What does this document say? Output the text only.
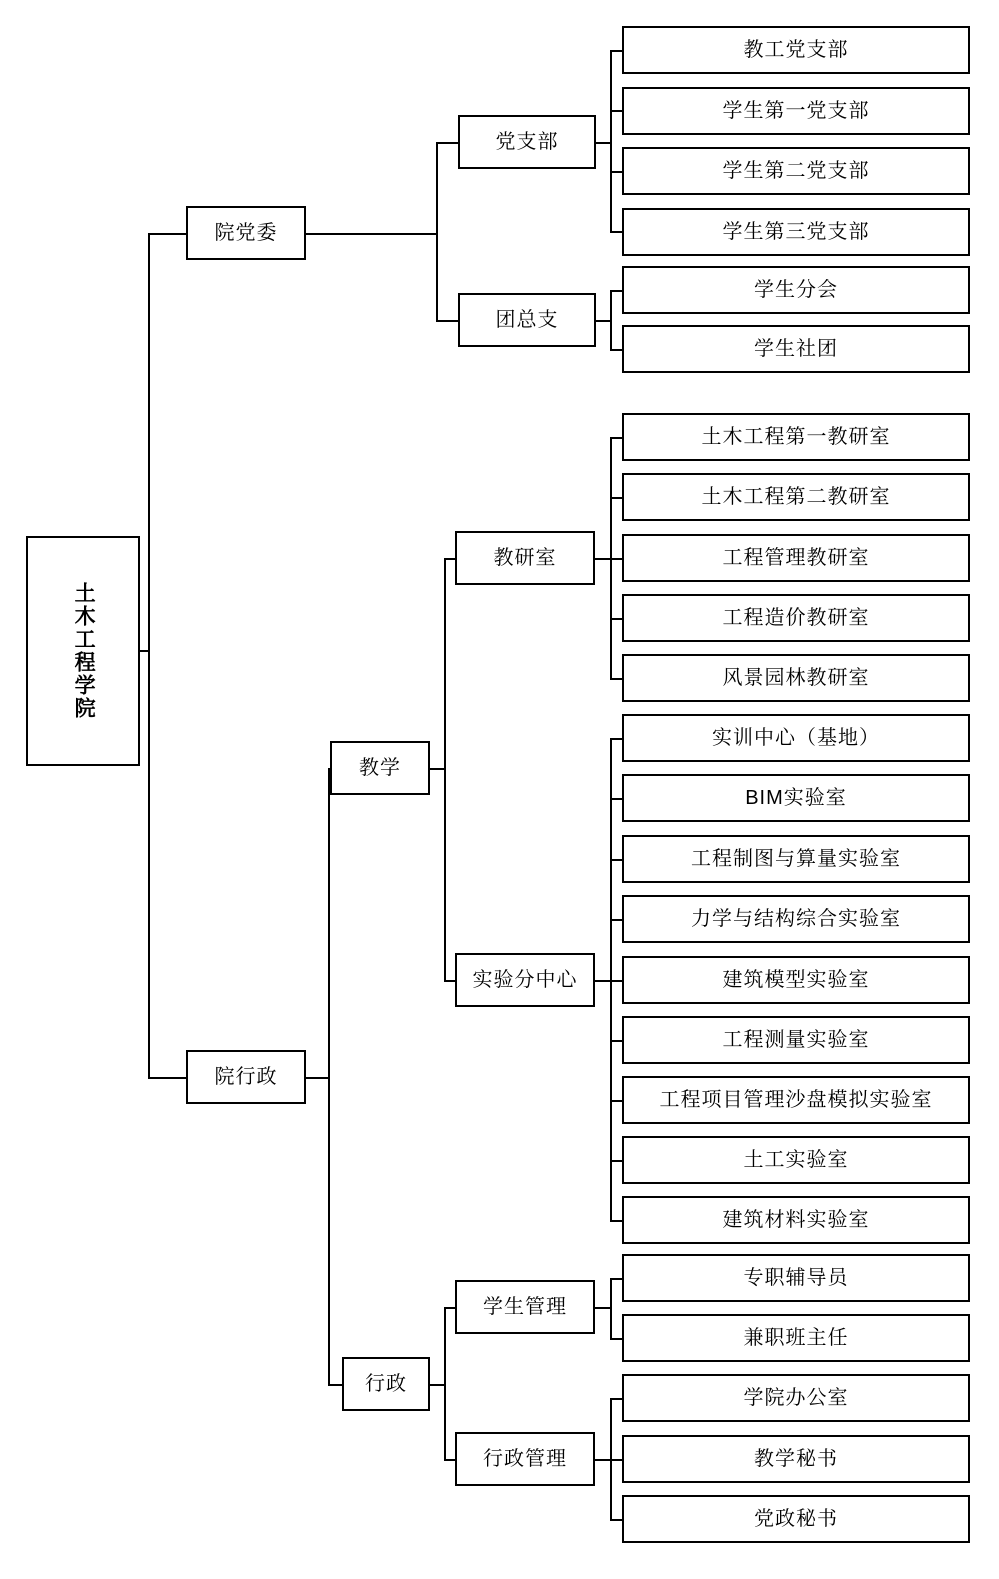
土木工程学院
院党委
院行政
党支部
团总支
教学
教研室
实验分中心
行政
学生管理
行政管理
教工党支部
学生第一党支部
学生第二党支部
学生第三党支部
学生分会
学生社团
土木工程第一教研室
土木工程第二教研室
工程管理教研室
工程造价教研室
风景园林教研室
实训中心（基地）
BIM实验室
工程制图与算量实验室
力学与结构综合实验室
建筑模型实验室
工程测量实验室
工程项目管理沙盘模拟实验室
土工实验室
建筑材料实验室
专职辅导员
兼职班主任
学院办公室
教学秘书
党政秘书
